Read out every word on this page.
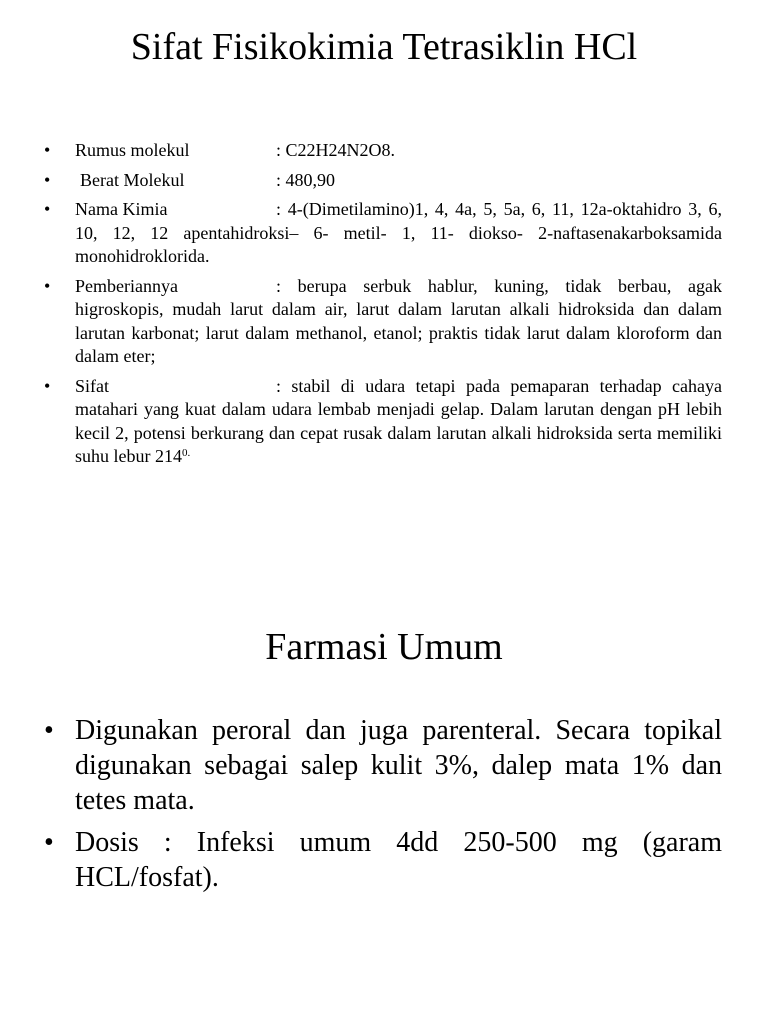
Sifat Fisikokimia Tetrasiklin HCl
• Rumus molekul	: C22H24N2O8.
• Berat Molekul	: 480,90
• Nama Kimia	: 4-(Dimetilamino)1, 4, 4a, 5, 5a, 6, 11, 12a-oktahidro 3, 6, 10, 12, 12 apentahidroksi– 6- metil- 1, 11- diokso- 2-naftasenakarboksamida monohidroklorida.
• Pemberiannya	: berupa serbuk hablur, kuning, tidak berbau, agak higroskopis, mudah larut dalam air, larut dalam larutan alkali hidroksida dan dalam larutan karbonat; larut dalam methanol, etanol; praktis tidak larut dalam kloroform dan dalam eter;
• Sifat	: stabil di udara tetapi pada pemaparan terhadap cahaya matahari yang kuat dalam udara lembab menjadi gelap. Dalam larutan dengan pH lebih kecil 2, potensi berkurang dan cepat rusak dalam larutan alkali hidroksida serta memiliki suhu lebur $214^{0.}$
Farmasi Umum
• Digunakan peroral dan juga parenteral. Secara topikal digunakan sebagai salep kulit 3%, dalep mata 1% dan tetes mata.
• Dosis : Infeksi umum 4dd 250-500 mg (garam HCL/fosfat).
